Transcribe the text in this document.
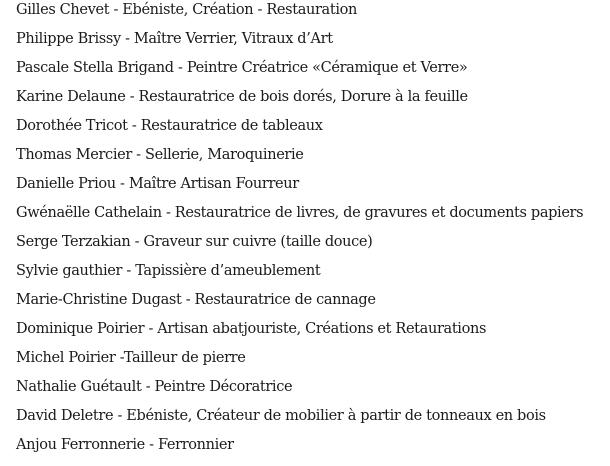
Gilles Chevet - Ebéniste, Création - Restauration
Philippe Brissy - Maître Verrier, Vitraux d’Art
Pascale Stella Brigand - Peintre Créatrice «Céramique et Verre»
Karine Delaune - Restauratrice de bois dorés, Dorure à la feuille
Dorothée Tricot - Restauratrice de tableaux
Thomas Mercier - Sellerie, Maroquinerie
Danielle Priou - Maître Artisan Fourreur
Gwénaëlle Cathelain - Restauratrice de livres, de gravures et documents papiers
Serge Terzakian - Graveur sur cuivre (taille douce)
Sylvie gauthier - Tapissière d’ameublement
Marie-Christine Dugast - Restauratrice de cannage
Dominique Poirier - Artisan abatjouriste, Créations et Retaurations
Michel Poirier -Tailleur de pierre
Nathalie Guétault - Peintre Décoratrice
David Deletre - Ebéniste, Créateur de mobilier à partir de tonneaux en bois
Anjou Ferronnerie - Ferronnier
